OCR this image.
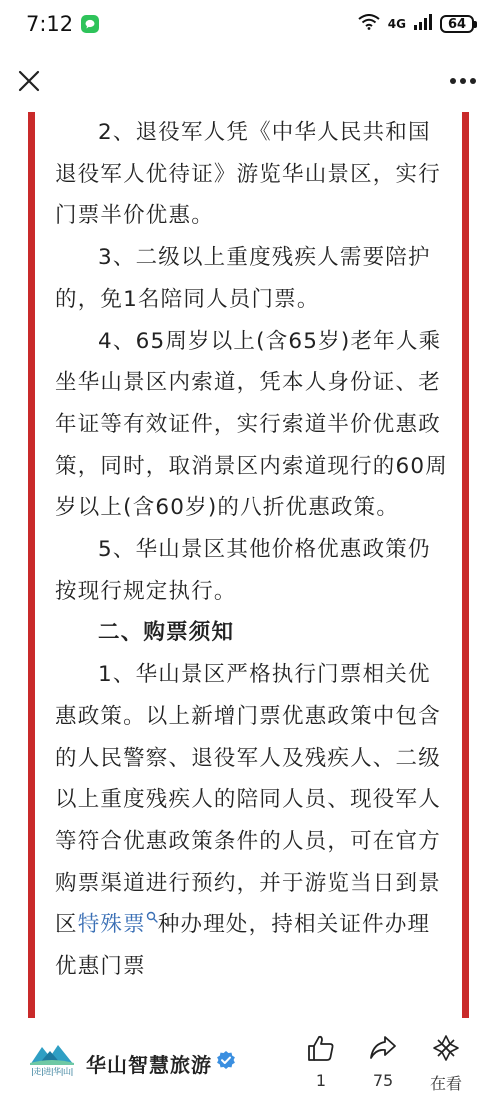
7:12	4G	64

2、退役军人凭《中华人民共和国退役军人优待证》游览华山景区，实行门票半价优惠。

3、二级以上重度残疾人需要陪护的，免1名陪同人员门票。

4、65周岁以上(含65岁)老年人乘坐华山景区内索道，凭本人身份证、老年证等有效证件，实行索道半价优惠政策，同时，取消景区内索道现行的60周岁以上(含60岁)的八折优惠政策。

5、华山景区其他价格优惠政策仍按现行规定执行。

二、购票须知

1、华山景区严格执行门票相关优惠政策。以上新增门票优惠政策中包含的人民警察、退役军人及残疾人、二级以上重度残疾人的陪同人员、现役军人等符合优惠政策条件的人员，可在官方购票渠道进行预约，并于游览当日到景区特殊票 种办理处，持相关证件办理优惠门票

|走|进|华|山| 华山智慧旅游
1	75 在看
